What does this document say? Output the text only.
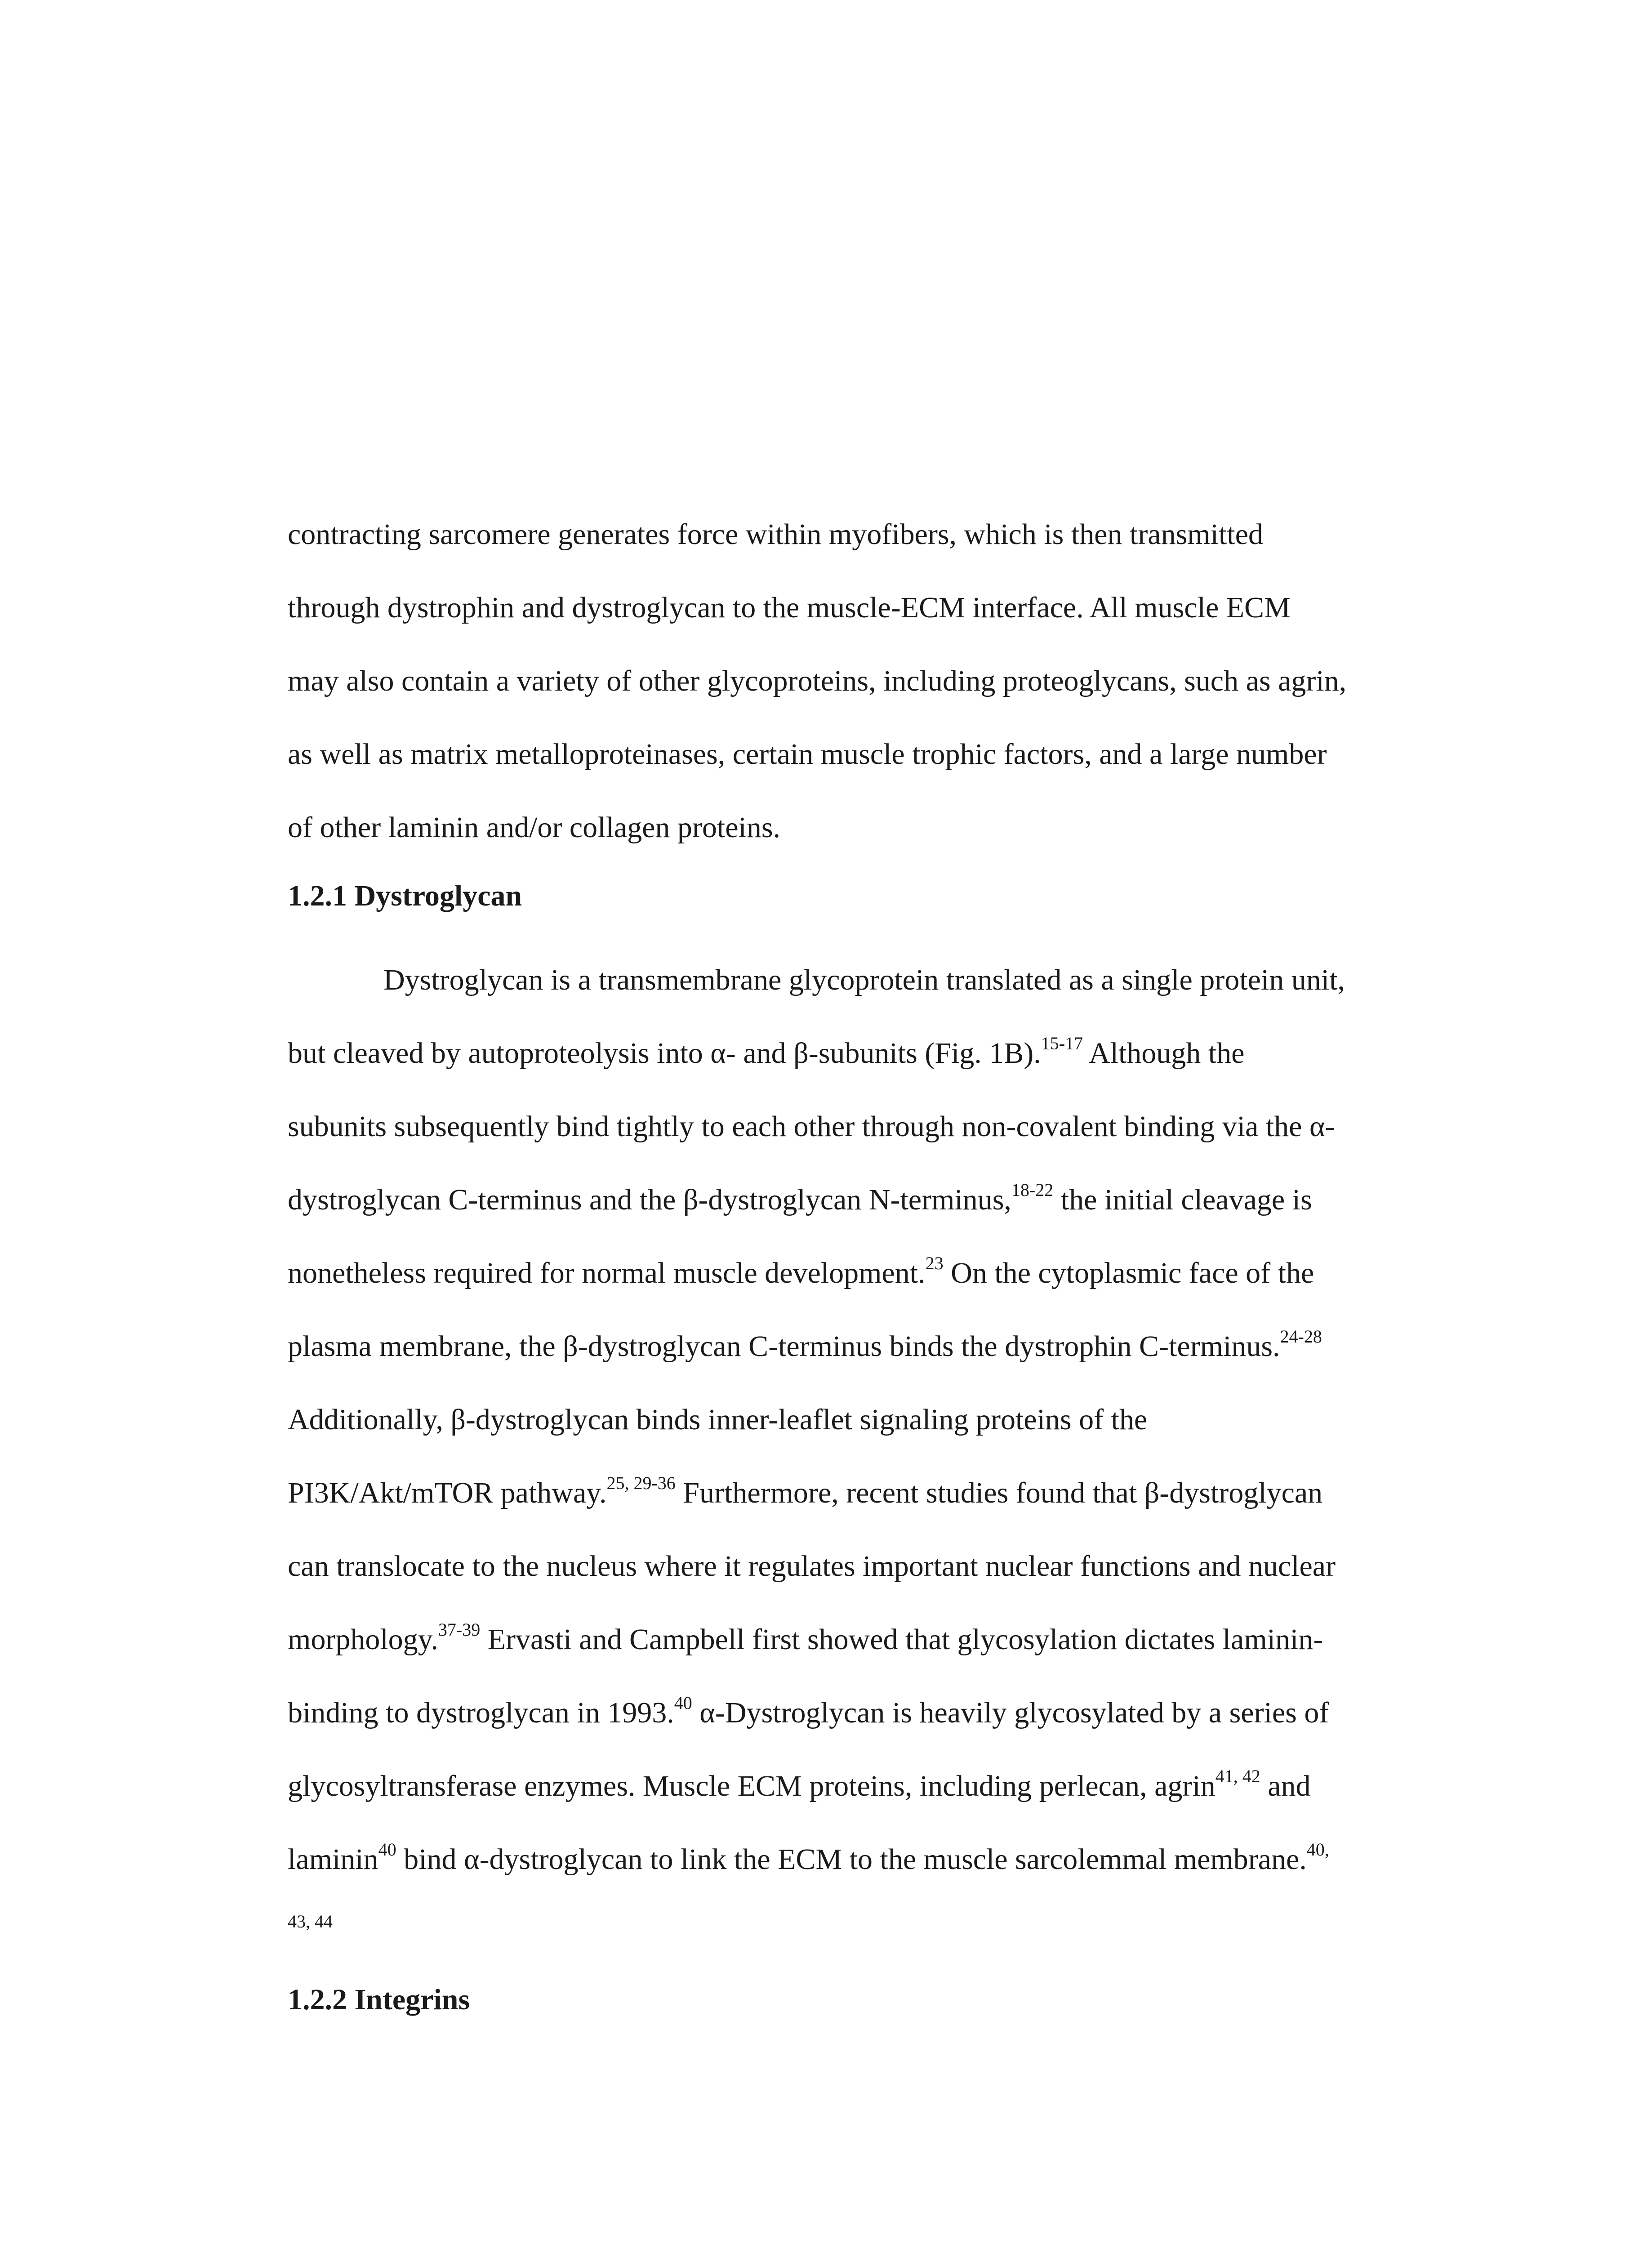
contracting sarcomere generates force within myofibers, which is then transmitted
through dystrophin and dystroglycan to the muscle-ECM interface. All muscle ECM
may also contain a variety of other glycoproteins, including proteoglycans, such as agrin,
as well as matrix metalloproteinases, certain muscle trophic factors, and a large number
of other laminin and/or collagen proteins.
1.2.1 Dystroglycan
Dystroglycan is a transmembrane glycoprotein translated as a single protein unit,
but cleaved by autoproteolysis into α- and β-subunits (Fig. 1B).$^{15-17}$ Although the
subunits subsequently bind tightly to each other through non-covalent binding via the α-
dystroglycan C-terminus and the β-dystroglycan N-terminus,$^{18-22}$ the initial cleavage is
nonetheless required for normal muscle development.$^{23}$ On the cytoplasmic face of the
plasma membrane, the β-dystroglycan C-terminus binds the dystrophin C-terminus.$^{24-28}$
Additionally, β-dystroglycan binds inner-leaflet signaling proteins of the
PI3K/Akt/mTOR pathway.$^{25, 29-36}$ Furthermore, recent studies found that β-dystroglycan
can translocate to the nucleus where it regulates important nuclear functions and nuclear
morphology.$^{37-39}$ Ervasti and Campbell first showed that glycosylation dictates laminin-
binding to dystroglycan in 1993.40 α-Dystroglycan is heavily glycosylated by a series of
glycosyltransferase enzymes. Muscle ECM proteins, including perlecan, agrin$^{41, 42}$ and
laminin$^{40}$ bind α-dystroglycan to link the ECM to the muscle sarcolemmal membrane.$^{40,}$
43, 44
1.2.2 Integrins
